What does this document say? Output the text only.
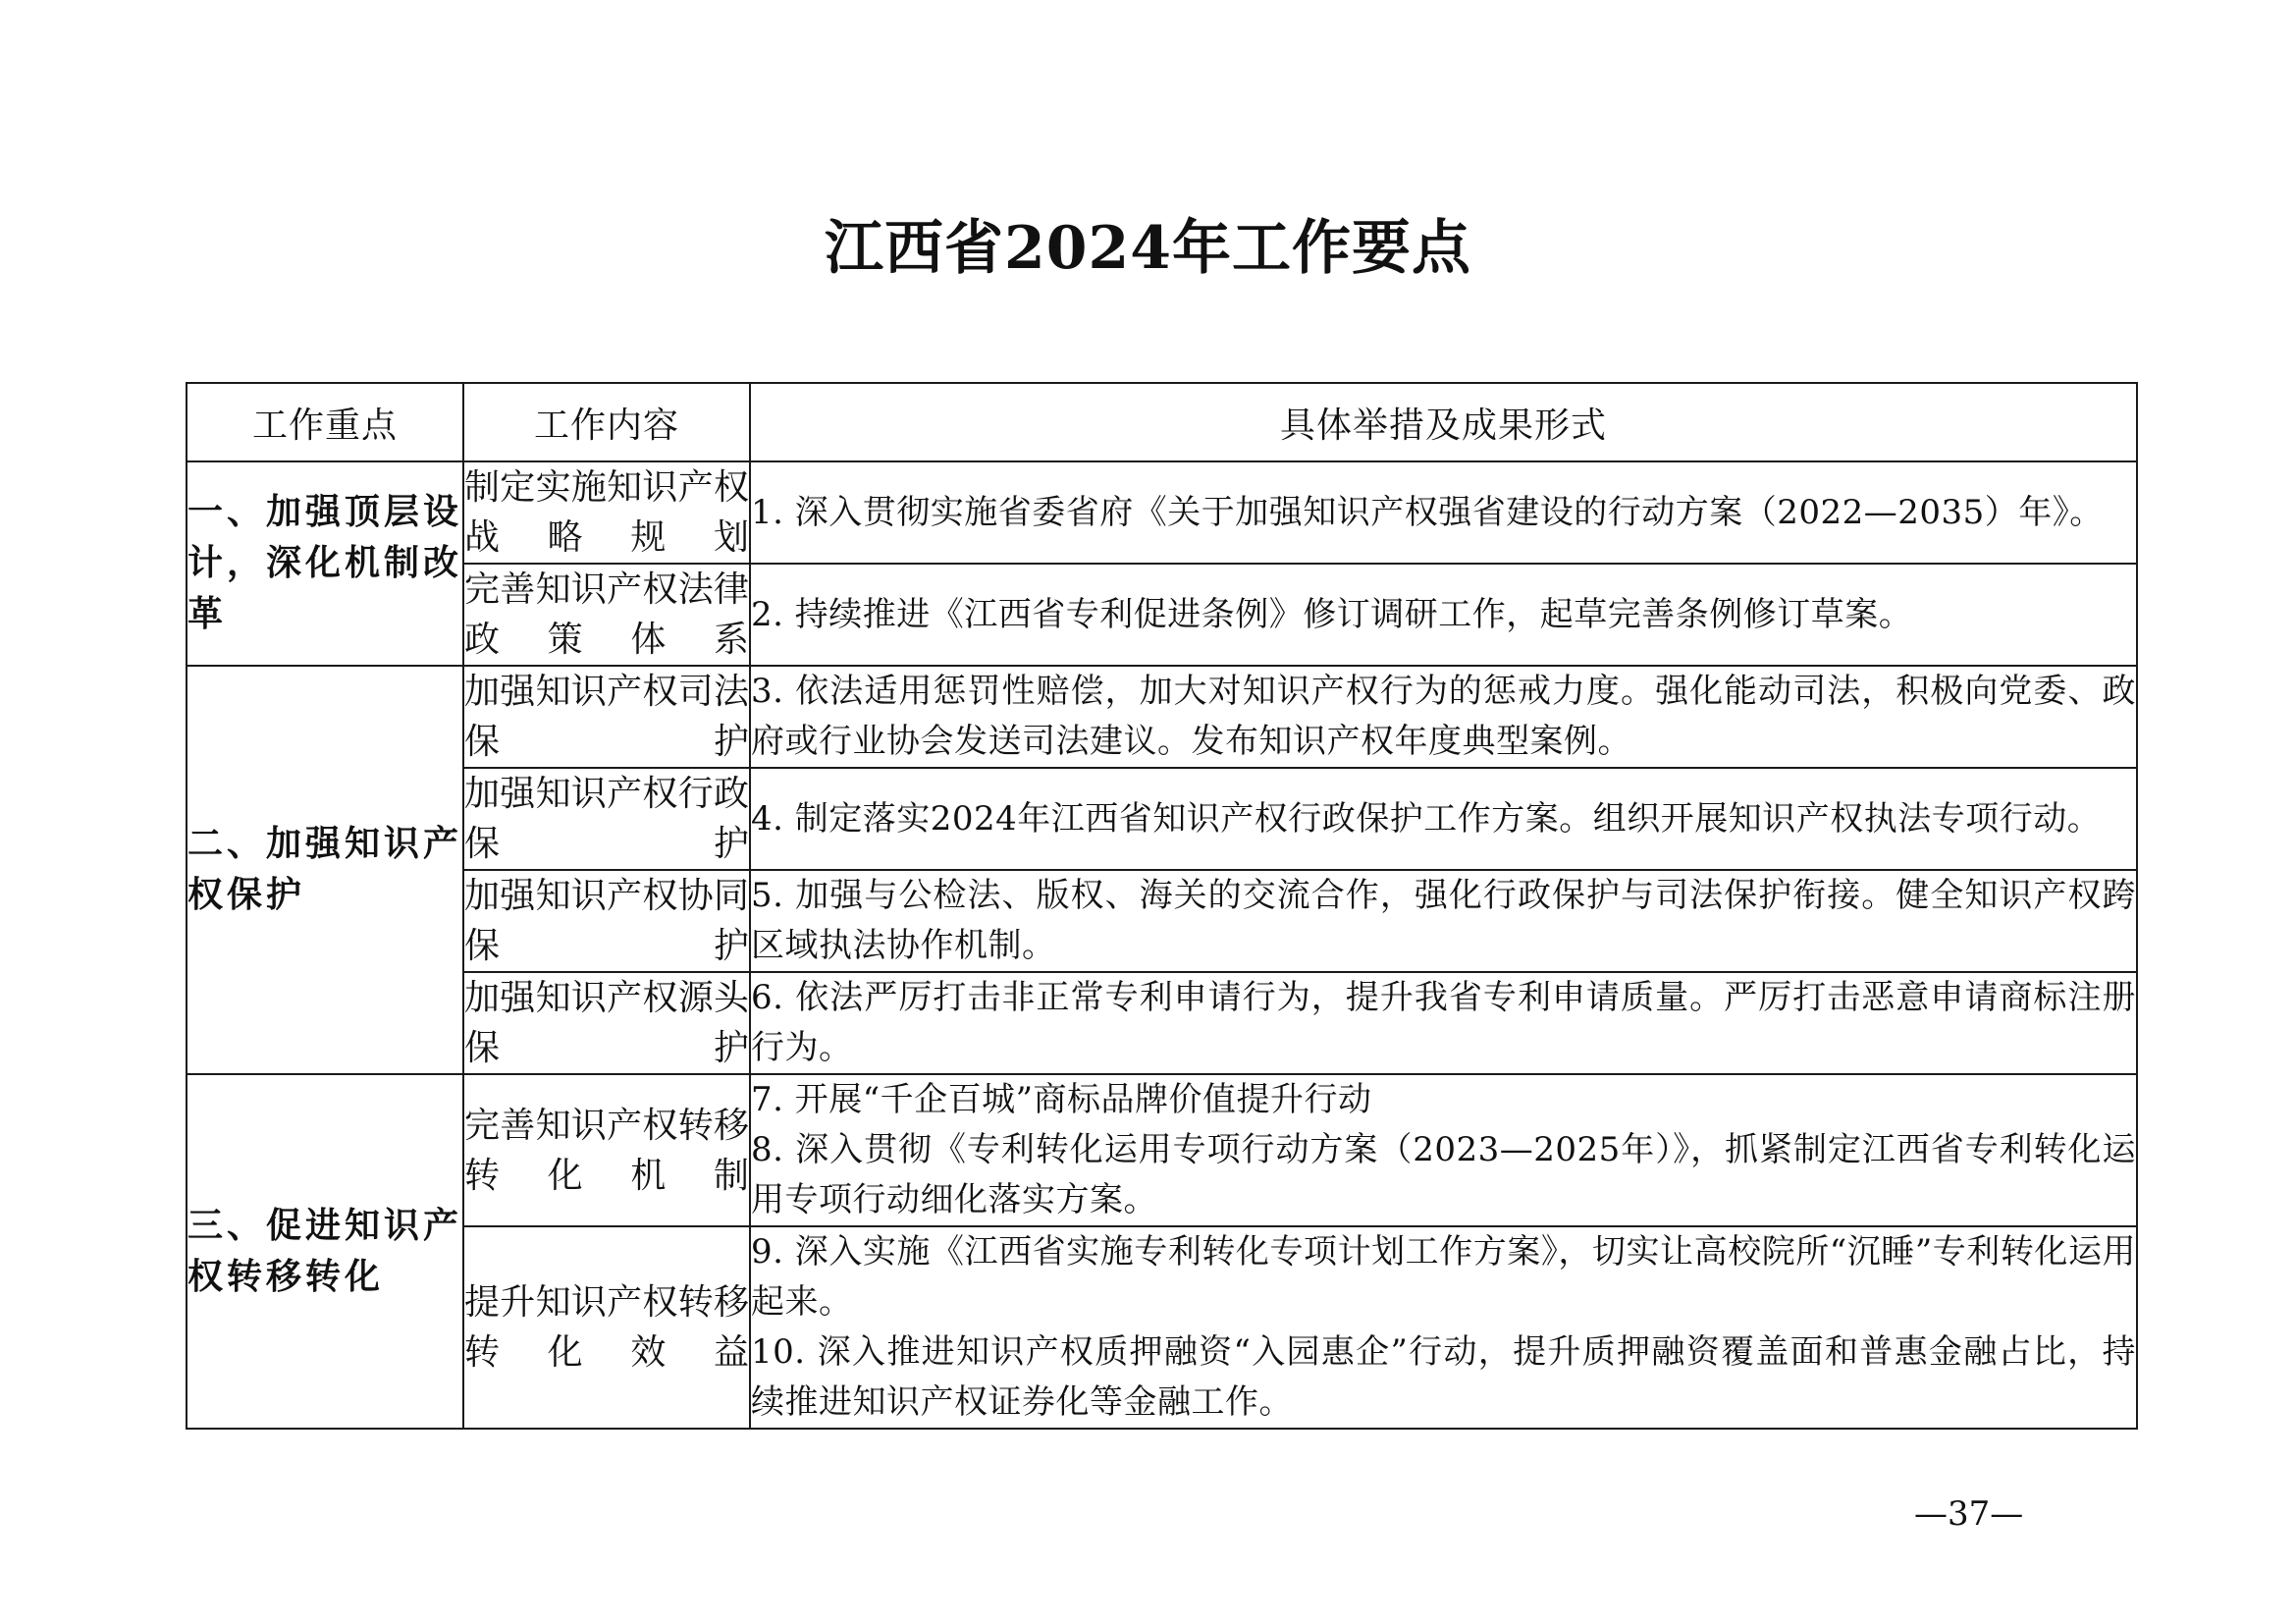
江西省2024年工作要点
工作重点	工作内容	具体举措及成果形式
一、加强顶层设计，深化机制改革	制定实施知识产权战略规划	1. 深入贯彻实施省委省府《关于加强知识产权强省建设的行动方案（2022—2035）年》。

	完善知识产权法律政策体系	2. 持续推进《江西省专利促进条例》修订调研工作，起草完善条例修订草案。

二、加强知识产权保护	加强知识产权司法保护	3. 依法适用惩罚性赔偿，加大对知识产权行为的惩戒力度。强化能动司法，积极向党委、政府或行业协会发送司法建议。发布知识产权年度典型案例。

	加强知识产权行政保护	4. 制定落实2024年江西省知识产权行政保护工作方案。组织开展知识产权执法专项行动。

	加强知识产权协同保护	5. 加强与公检法、版权、海关的交流合作，强化行政保护与司法保护衔接。健全知识产权跨区域执法协作机制。

	加强知识产权源头保护	6. 依法严厉打击非正常专利申请行为，提升我省专利申请质量。严厉打击恶意申请商标注册行为。

三、促进知识产权转移转化	完善知识产权转移转化机制	7. 开展“千企百城”商标品牌价值提升行动
8. 深入贯彻《专利转化运用专项行动方案（2023—2025年）》，抓紧制定江西省专利转化运用专项行动细化落实方案。

	提升知识产权转移转化效益	9. 深入实施《江西省实施专利转化专项计划工作方案》，切实让高校院所“沉睡”专利转化运用起来。
10. 深入推进知识产权质押融资“入园惠企”行动，提升质押融资覆盖面和普惠金融占比，持续推进知识产权证券化等金融工作。
—37—
